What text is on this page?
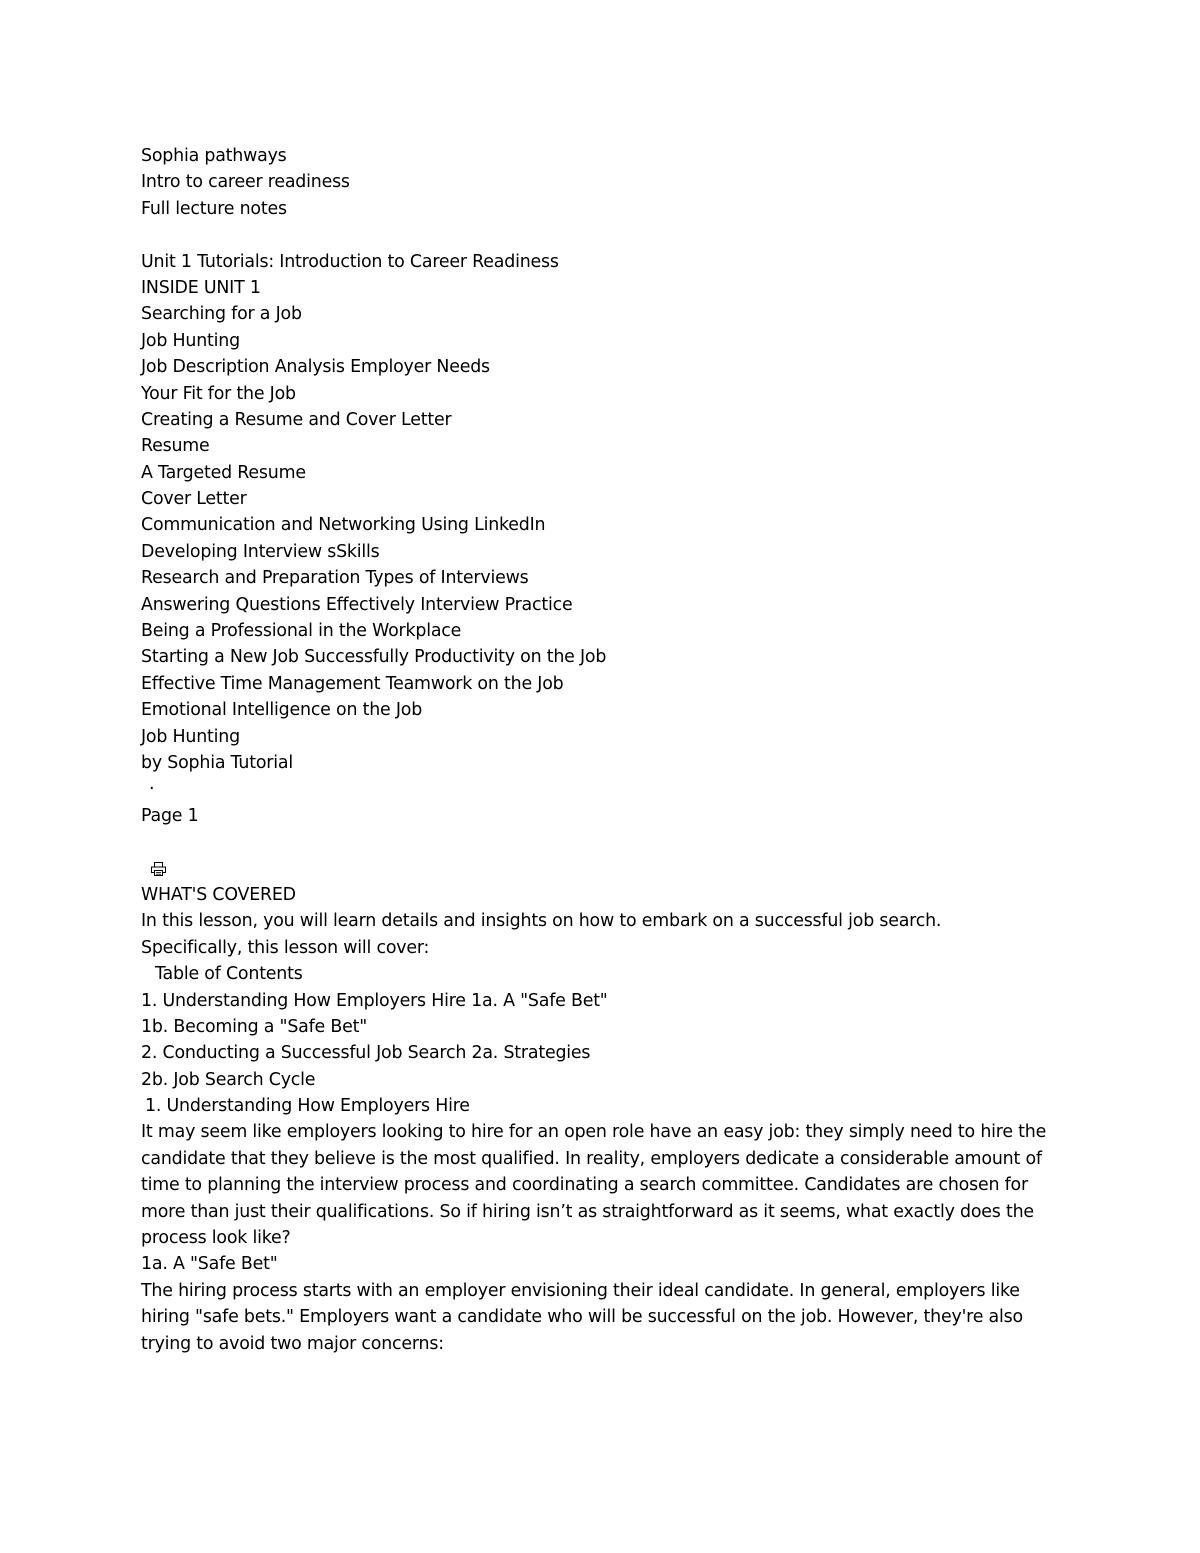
Sophia pathways
Intro to career readiness
Full lecture notes
Unit 1 Tutorials: Introduction to Career Readiness
INSIDE UNIT 1
Searching for a Job
Job Hunting
Job Description Analysis Employer Needs
Your Fit for the Job
Creating a Resume and Cover Letter
Resume
A Targeted Resume
Cover Letter
Communication and Networking Using LinkedIn
Developing Interview sSkills
Research and Preparation Types of Interviews
Answering Questions Effectively Interview Practice
Being a Professional in the Workplace
Starting a New Job Successfully Productivity on the Job
Effective Time Management Teamwork on the Job
Emotional Intelligence on the Job
Job Hunting
by Sophia Tutorial
·
Page 1
WHAT'S COVERED
In this lesson, you will learn details and insights on how to embark on a successful job search.
Specifically, this lesson will cover:
Table of Contents
1. Understanding How Employers Hire 1a. A "Safe Bet"
1b. Becoming a "Safe Bet"
2. Conducting a Successful Job Search 2a. Strategies
2b. Job Search Cycle
1. Understanding How Employers Hire
It may seem like employers looking to hire for an open role have an easy job: they simply need to hire the candidate that they believe is the most qualified. In reality, employers dedicate a considerable amount of time to planning the interview process and coordinating a search committee. Candidates are chosen for more than just their qualifications. So if hiring isn’t as straightforward as it seems, what exactly does the process look like?
1a. A "Safe Bet"
The hiring process starts with an employer envisioning their ideal candidate. In general, employers like hiring "safe bets." Employers want a candidate who will be successful on the job. However, they're also trying to avoid two major concerns:
